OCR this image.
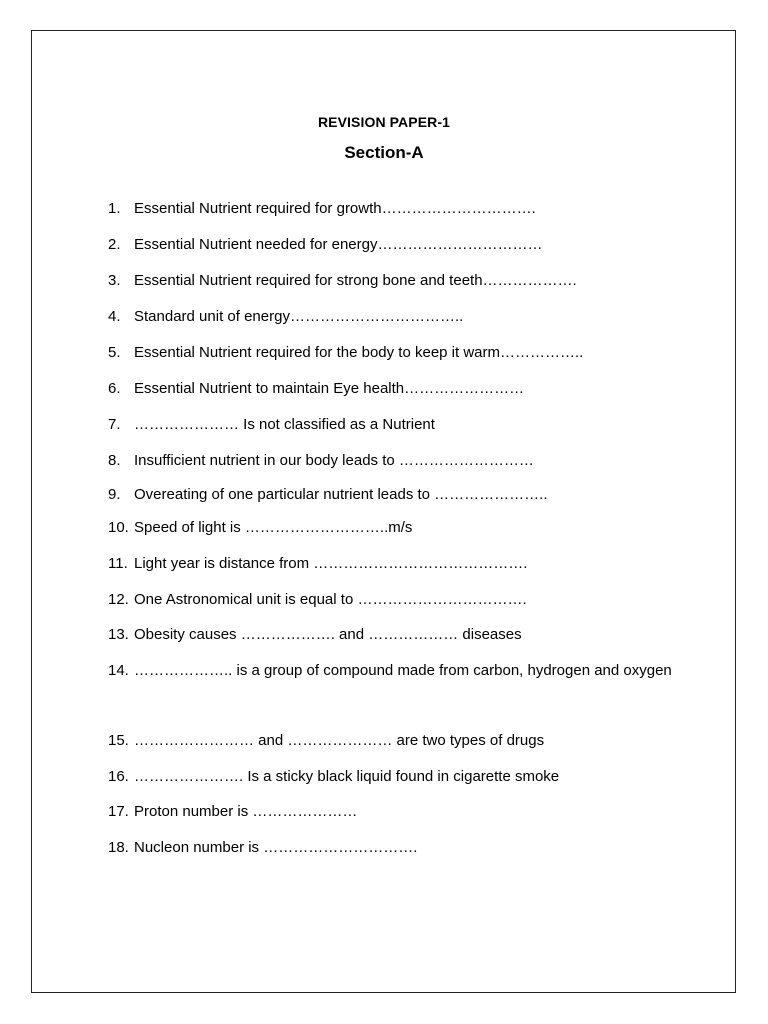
REVISION PAPER-1
Section-A
1. Essential Nutrient required for growth………………………….
2. Essential Nutrient needed for energy……………………………
3. Essential Nutrient required for strong bone and teeth……………….
4. Standard unit of energy……………………………..
5. Essential Nutrient required for the body to keep it warm……………..
6. Essential Nutrient to maintain Eye health……………………
7. ………………… Is not classified as a Nutrient
8. Insufficient nutrient in our body leads to ………………………
9. Overeating of one particular nutrient leads to …………………..
10. Speed of light is ………………………..m/s
11. Light year is distance from …………………………………….
12. One Astronomical unit is equal to …………………………….
13. Obesity causes ………………. and ……………… diseases
14. ……………….. is a group of compound made from carbon, hydrogen and oxygen
15. …………………… and ………………… are two types of drugs
16. …………………. Is a sticky black liquid found in cigarette smoke
17. Proton number is …………………
18. Nucleon number is ………………………….
